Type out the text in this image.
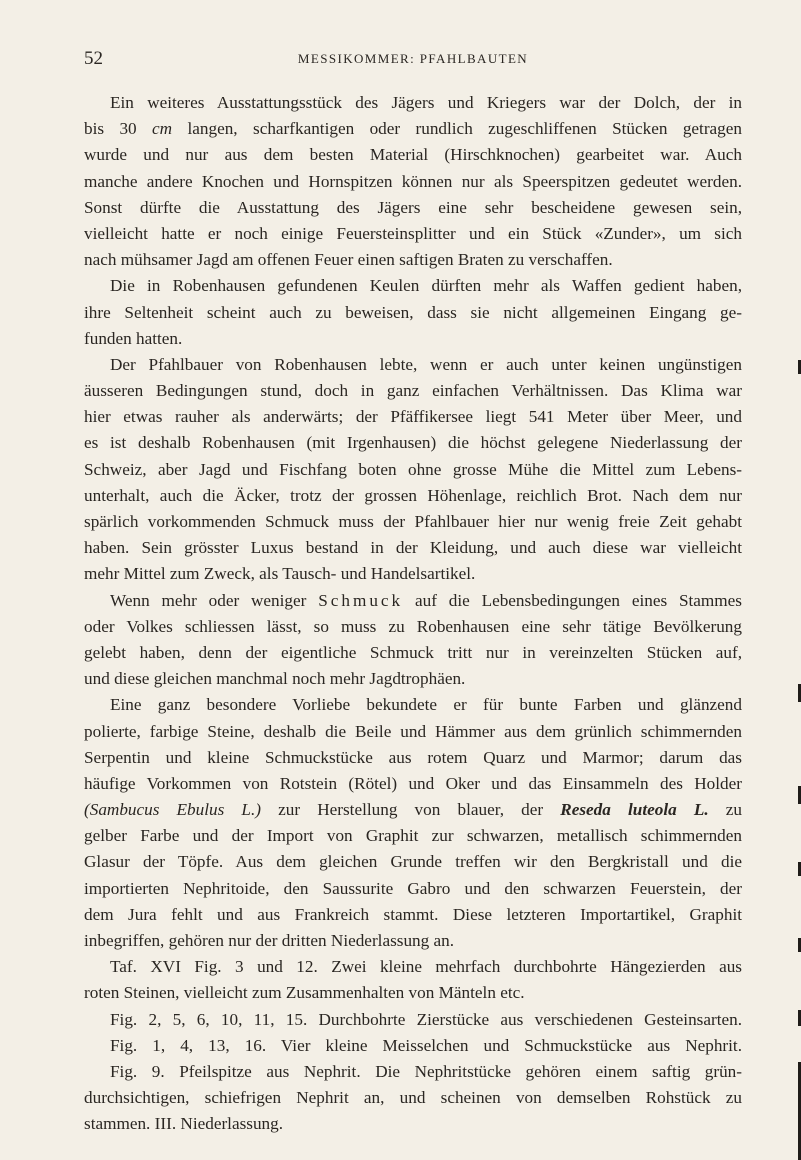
52	MESSIKOMMER: PFAHLBAUTEN
Ein weiteres Ausstattungsstück des Jägers und Kriegers war der Dolch, der in
bis 30 cm langen, scharfkantigen oder rundlich zugeschliffenen Stücken getragen
wurde und nur aus dem besten Material (Hirschknochen) gearbeitet war. Auch
manche andere Knochen und Hornspitzen können nur als Speerspitzen gedeutet werden.
Sonst dürfte die Ausstattung des Jägers eine sehr bescheidene gewesen sein,
vielleicht hatte er noch einige Feuersteinsplitter und ein Stück «Zunder», um sich
nach mühsamer Jagd am offenen Feuer einen saftigen Braten zu verschaffen.
Die in Robenhausen gefundenen Keulen dürften mehr als Waffen gedient haben,
ihre Seltenheit scheint auch zu beweisen, dass sie nicht allgemeinen Eingang ge-
funden hatten.
Der Pfahlbauer von Robenhausen lebte, wenn er auch unter keinen ungünstigen
äusseren Bedingungen stund, doch in ganz einfachen Verhältnissen. Das Klima war
hier etwas rauher als anderwärts; der Pfäffikersee liegt 541 Meter über Meer, und
es ist deshalb Robenhausen (mit Irgenhausen) die höchst gelegene Niederlassung der
Schweiz, aber Jagd und Fischfang boten ohne grosse Mühe die Mittel zum Lebens-
unterhalt, auch die Äcker, trotz der grossen Höhenlage, reichlich Brot. Nach dem nur
spärlich vorkommenden Schmuck muss der Pfahlbauer hier nur wenig freie Zeit gehabt
haben. Sein grösster Luxus bestand in der Kleidung, und auch diese war vielleicht
mehr Mittel zum Zweck, als Tausch- und Handelsartikel.
Wenn mehr oder weniger Schmuck auf die Lebensbedingungen eines Stammes
oder Volkes schliessen lässt, so muss zu Robenhausen eine sehr tätige Bevölkerung
gelebt haben, denn der eigentliche Schmuck tritt nur in vereinzelten Stücken auf,
und diese gleichen manchmal noch mehr Jagdtrophäen.
Eine ganz besondere Vorliebe bekundete er für bunte Farben und glänzend
polierte, farbige Steine, deshalb die Beile und Hämmer aus dem grünlich schimmernden
Serpentin und kleine Schmuckstücke aus rotem Quarz und Marmor; darum das
häufige Vorkommen von Rotstein (Rötel) und Oker und das Einsammeln des Holder
(Sambucus Ebulus L.) zur Herstellung von blauer, der Reseda luteola L. zu
gelber Farbe und der Import von Graphit zur schwarzen, metallisch schimmernden
Glasur der Töpfe. Aus dem gleichen Grunde treffen wir den Bergkristall und die
importierten Nephritoide, den Saussurite Gabro und den schwarzen Feuerstein, der
dem Jura fehlt und aus Frankreich stammt. Diese letzteren Importartikel, Graphit
inbegriffen, gehören nur der dritten Niederlassung an.
Taf. XVI Fig. 3 und 12. Zwei kleine mehrfach durchbohrte Hängezierden aus
roten Steinen, vielleicht zum Zusammenhalten von Mänteln etc.
Fig. 2, 5, 6, 10, 11, 15. Durchbohrte Zierstücke aus verschiedenen Gesteinsarten.
Fig. 1, 4, 13, 16. Vier kleine Meisselchen und Schmuckstücke aus Nephrit.
Fig. 9. Pfeilspitze aus Nephrit. Die Nephritstücke gehören einem saftig grün-
durchsichtigen, schiefrigen Nephrit an, und scheinen von demselben Rohstück zu
stammen. III. Niederlassung.
